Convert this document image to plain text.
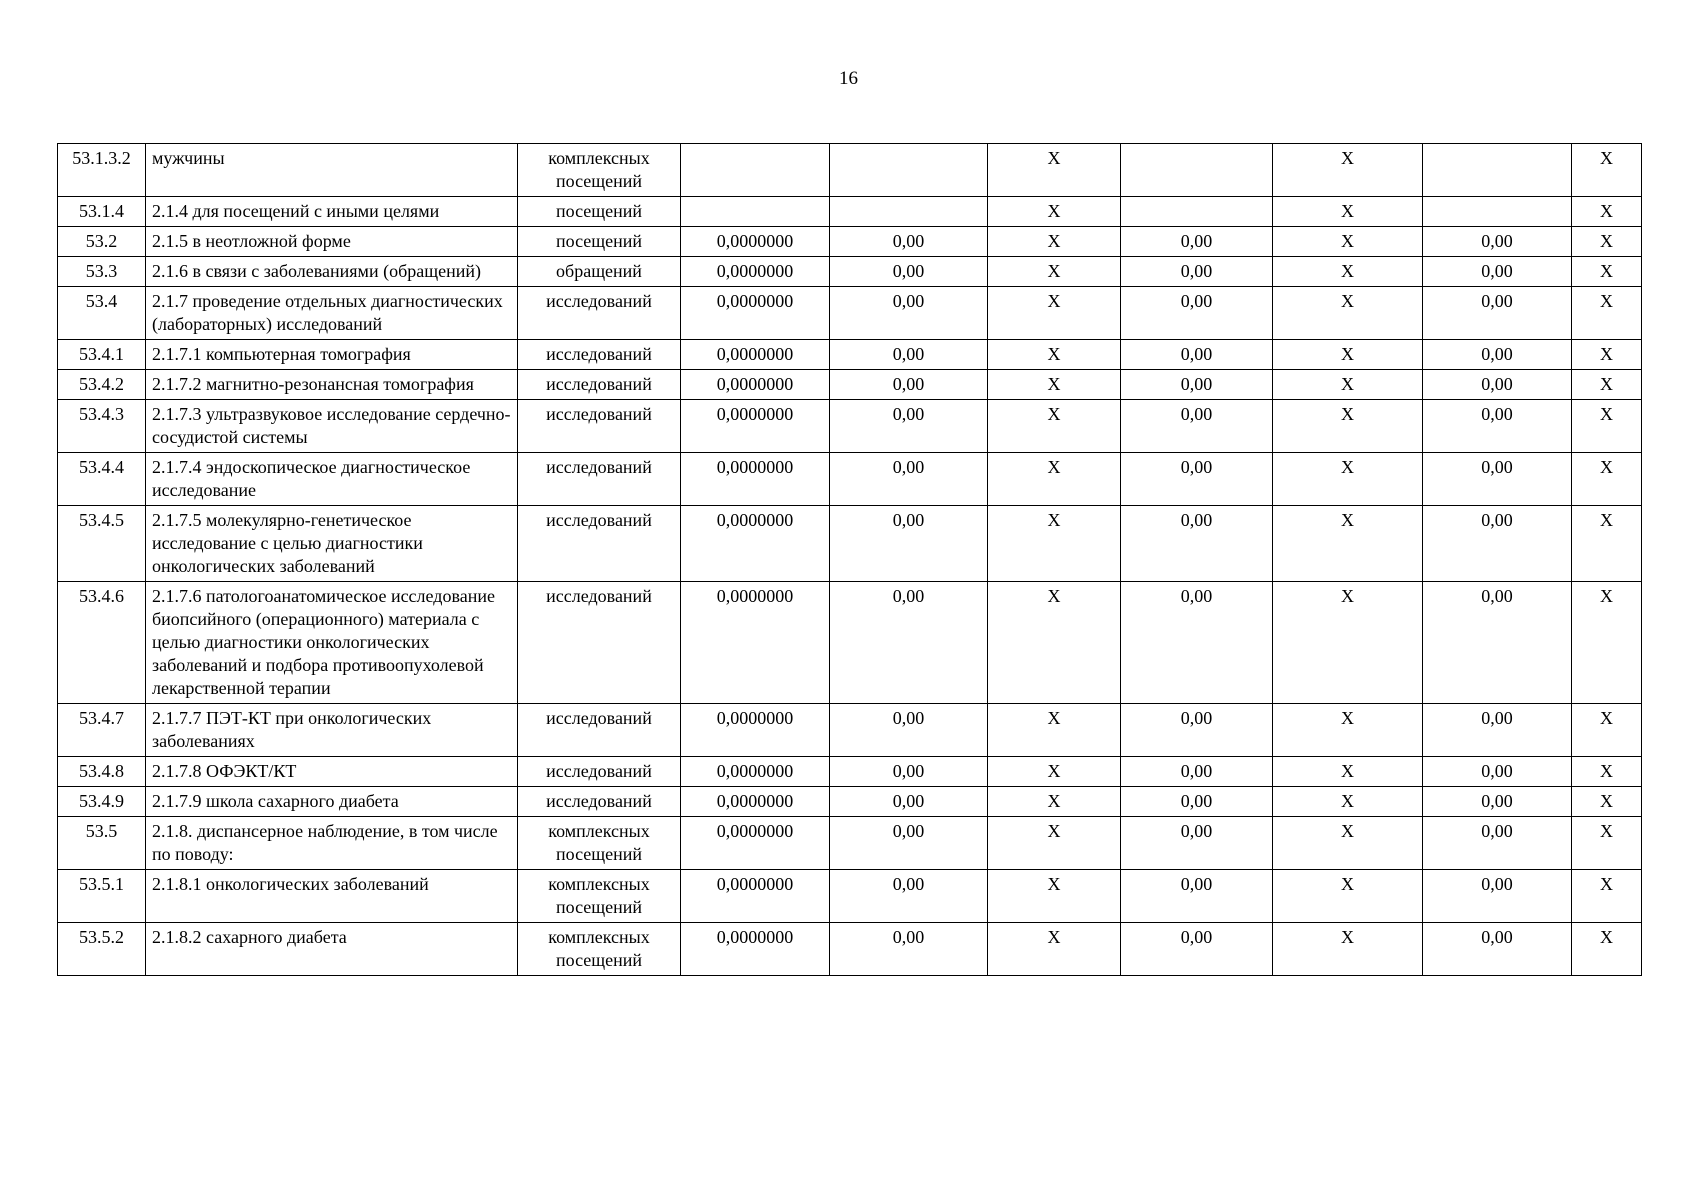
16
53.1.3.2	мужчины	комплексных посещений			X		X		X
53.1.4	2.1.4 для посещений с иными целями	посещений			X		X		X
53.2	2.1.5 в неотложной форме	посещений	0,0000000	0,00	X	0,00	X	0,00	X
53.3	2.1.6 в связи с заболеваниями (обращений)	обращений	0,0000000	0,00	X	0,00	X	0,00	X
53.4	2.1.7 проведение отдельных диагностических (лабораторных) исследований	исследований	0,0000000	0,00	X	0,00	X	0,00	X
53.4.1	2.1.7.1 компьютерная томография	исследований	0,0000000	0,00	X	0,00	X	0,00	X
53.4.2	2.1.7.2 магнитно-резонансная томография	исследований	0,0000000	0,00	X	0,00	X	0,00	X
53.4.3	2.1.7.3 ультразвуковое исследование сердечно-сосудистой системы	исследований	0,0000000	0,00	X	0,00	X	0,00	X
53.4.4	2.1.7.4 эндоскопическое диагностическое исследование	исследований	0,0000000	0,00	X	0,00	X	0,00	X
53.4.5	2.1.7.5 молекулярно-генетическое исследование с целью диагностики онкологических заболеваний	исследований	0,0000000	0,00	X	0,00	X	0,00	X
53.4.6	2.1.7.6 патологоанатомическое исследование биопсийного (операционного) материала с целью диагностики онкологических заболеваний и подбора противоопухолевой лекарственной терапии	исследований	0,0000000	0,00	X	0,00	X	0,00	X
53.4.7	2.1.7.7 ПЭТ-КТ при онкологических заболеваниях	исследований	0,0000000	0,00	X	0,00	X	0,00	X
53.4.8	2.1.7.8 ОФЭКТ/КТ	исследований	0,0000000	0,00	X	0,00	X	0,00	X
53.4.9	2.1.7.9 школа сахарного диабета	исследований	0,0000000	0,00	X	0,00	X	0,00	X
53.5	2.1.8. диспансерное наблюдение, в том числе по поводу:	комплексных посещений	0,0000000	0,00	X	0,00	X	0,00	X
53.5.1	2.1.8.1 онкологических заболеваний	комплексных посещений	0,0000000	0,00	X	0,00	X	0,00	X
53.5.2	2.1.8.2 сахарного диабета	комплексных посещений	0,0000000	0,00	X	0,00	X	0,00	X
